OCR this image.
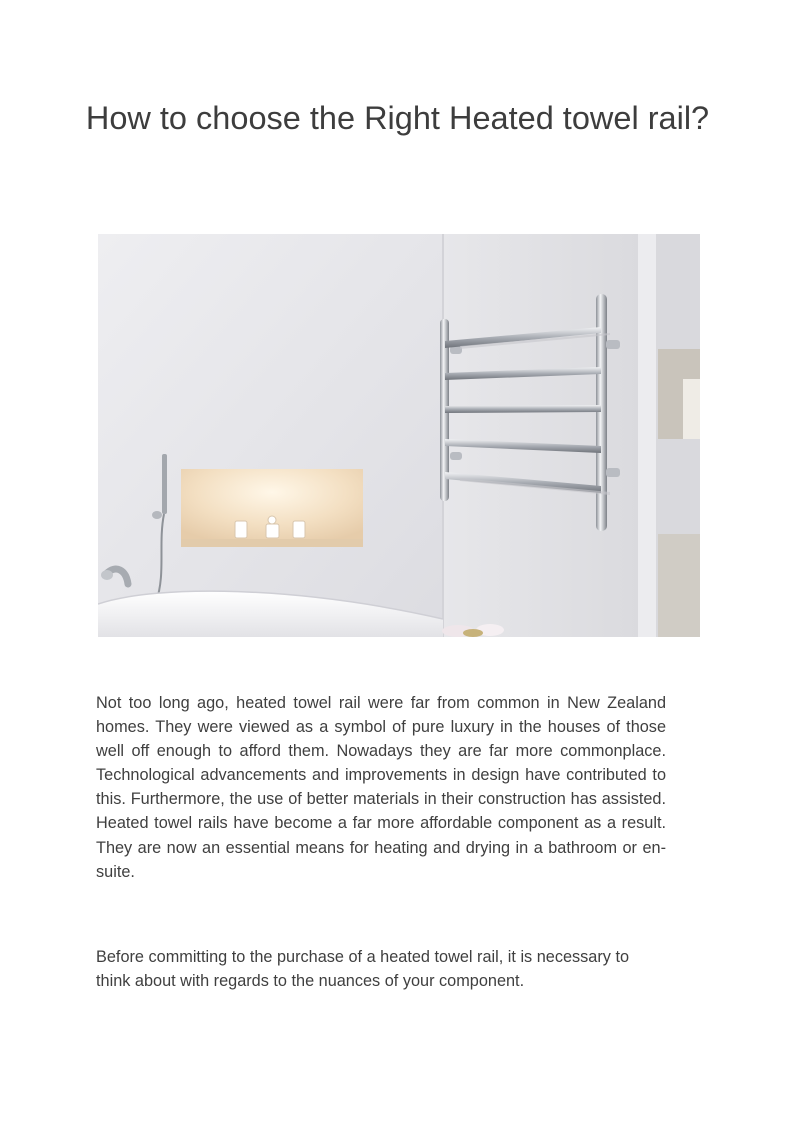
How to choose the Right Heated towel rail?

Not too long ago, heated towel rail were far from common in New Zealand homes. They were viewed as a symbol of pure luxury in the houses of those well off enough to afford them. Nowadays they are far more commonplace. Technological advancements and improvements in design have contributed to this. Furthermore, the use of better materials in their construction has assisted. Heated towel rails have become a far more affordable component as a result. They are now an essential means for heating and drying in a bathroom or en-suite.

Before committing to the purchase of a heated towel rail, it is necessary to think about with regards to the nuances of your component.
